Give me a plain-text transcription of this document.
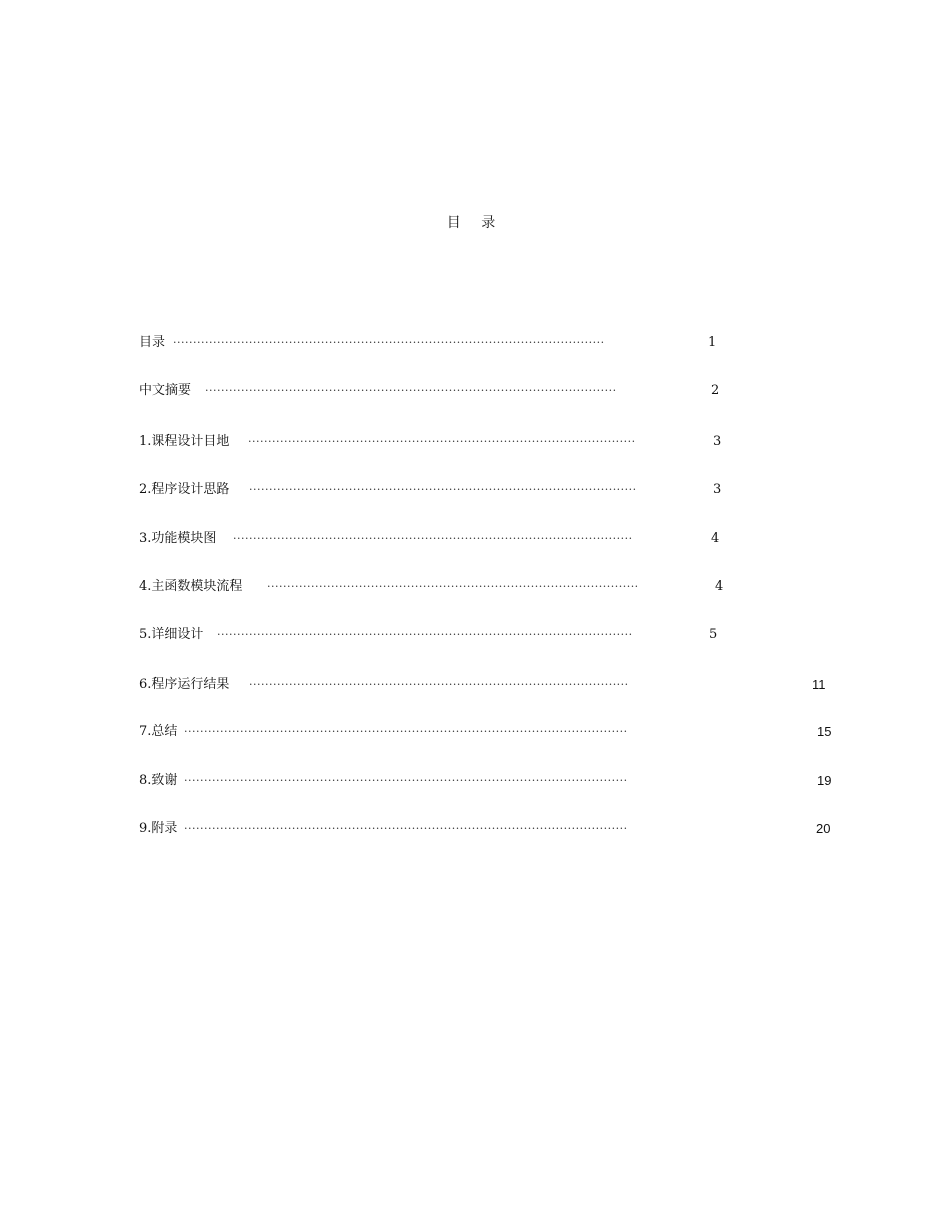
目 录
目录 ············································································································	1
中文摘要 ·······································································································	2
1.课程设计目地 ·································································································	3
2.程序设计思路 ·································································································	3
3.功能模块图 ····································································································	4
4.主函数模块流程 ·····························································································	4
5.详细设计 ········································································································	5
6.程序运行结果 ·······························································································	11
7.总结 ···············································································································	15
8.致谢 ···············································································································	19
9.附录 ···············································································································	20
